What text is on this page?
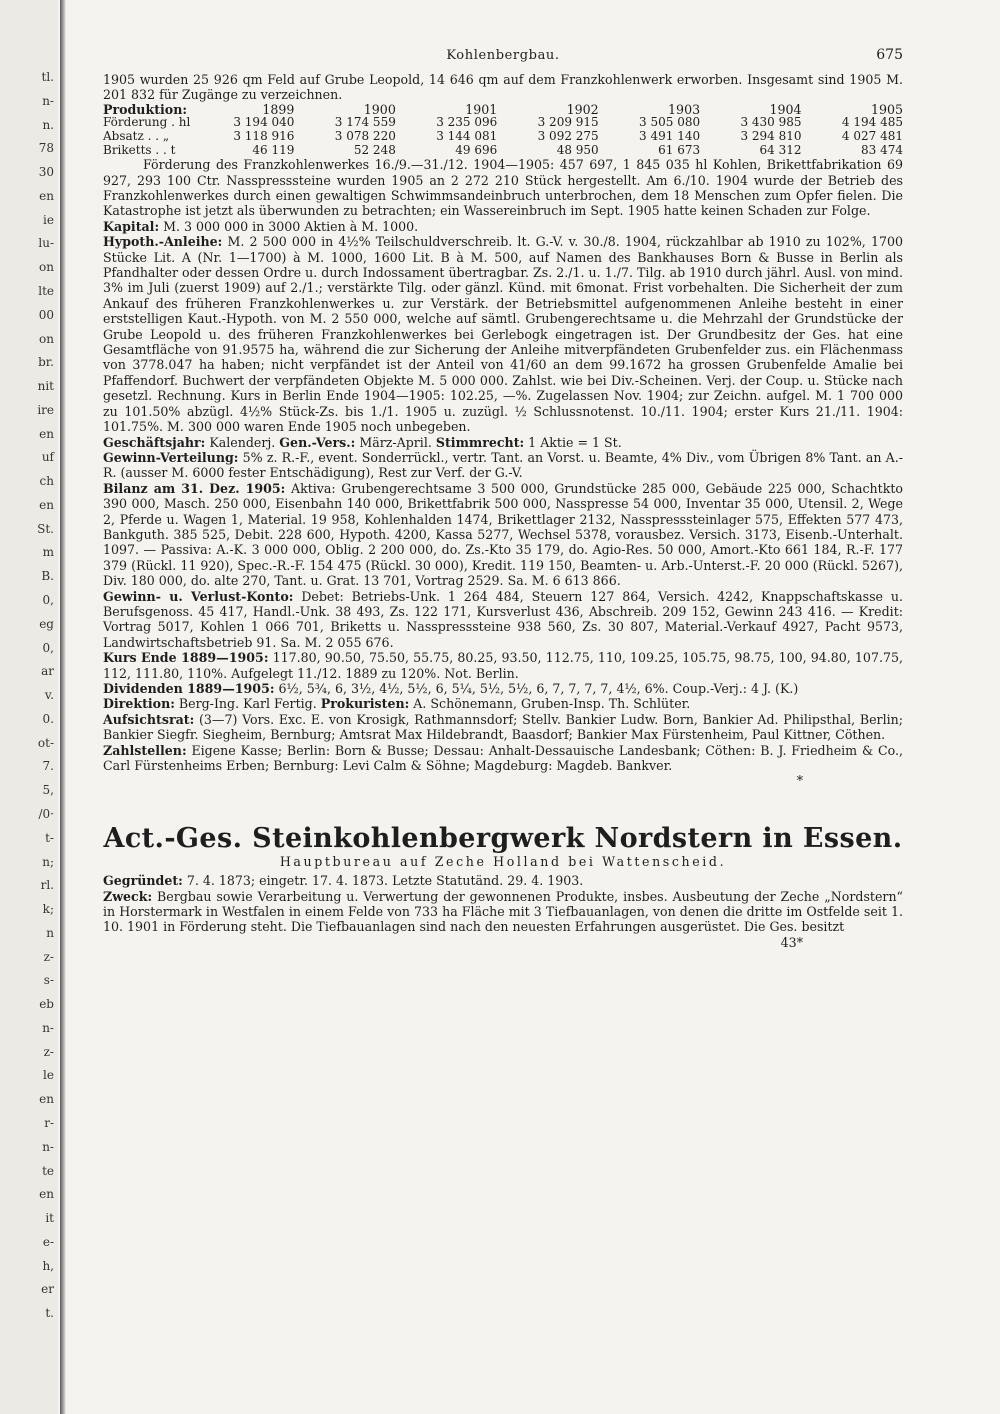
tl.
n-
n.
78
30
en
ie
lu-
on
lte
00
on
br.
nit
ire
en
uf
ch
en
St.
m
B.
0,
eg
0,
ar
v.
0.
ot-
7.
5,
/0·
t-
n;
rl.
k;
n
z-
s-
eb
n-
z-
le
en
r-
n-
te
en
it
e-
h,
er
t.
Kohlenbergbau.	675

1905 wurden 25 926 qm Feld auf Grube Leopold, 14 646 qm auf dem Franzkohlenwerk erworben. Insgesamt sind 1905 M. 201 832 für Zugänge zu verzeichnen.

Produktion:	1899	1900	1901	1902	1903	1904	1905
Förderung . hl	3 194 040	3 174 559	3 235 096	3 209 915	3 505 080	3 430 985	4 194 485
Absatz . . „	3 118 916	3 078 220	3 144 081	3 092 275	3 491 140	3 294 810	4 027 481
Briketts . . t	46 119	52 248	49 696	48 950	61 673	64 312	83 474

Förderung des Franzkohlenwerkes 16./9.—31./12. 1904—1905: 457 697, 1 845 035 hl Kohlen, Brikettfabrikation 69 927, 293 100 Ctr. Nasspresssteine wurden 1905 an 2 272 210 Stück hergestellt. Am 6./10. 1904 wurde der Betrieb des Franzkohlenwerkes durch einen gewaltigen Schwimmsandeinbruch unterbrochen, dem 18 Menschen zum Opfer fielen. Die Katastrophe ist jetzt als überwunden zu betrachten; ein Wassereinbruch im Sept. 1905 hatte keinen Schaden zur Folge.

Kapital: M. 3 000 000 in 3000 Aktien à M. 1000.

Hypoth.-Anleihe: M. 2 500 000 in 4½% Teilschuldverschreib. lt. G.-V. v. 30./8. 1904, rückzahlbar ab 1910 zu 102%, 1700 Stücke Lit. A (Nr. 1—1700) à M. 1000, 1600 Lit. B à M. 500, auf Namen des Bankhauses Born & Busse in Berlin als Pfandhalter oder dessen Ordre u. durch Indossament übertragbar. Zs. 2./1. u. 1./7. Tilg. ab 1910 durch jährl. Ausl. von mind. 3% im Juli (zuerst 1909) auf 2./1.; verstärkte Tilg. oder gänzl. Künd. mit 6monat. Frist vorbehalten. Die Sicherheit der zum Ankauf des früheren Franzkohlenwerkes u. zur Verstärk. der Betriebsmittel aufgenommenen Anleihe besteht in einer erststelligen Kaut.-Hypoth. von M. 2 550 000, welche auf sämtl. Grubengerechtsame u. die Mehrzahl der Grundstücke der Grube Leopold u. des früheren Franzkohlenwerkes bei Gerlebogk eingetragen ist. Der Grundbesitz der Ges. hat eine Gesamtfläche von 91.9575 ha, während die zur Sicherung der Anleihe mitverpfändeten Grubenfelder zus. ein Flächenmass von 3778.047 ha haben; nicht verpfändet ist der Anteil von 41/60 an dem 99.1672 ha grossen Grubenfelde Amalie bei Pfaffendorf. Buchwert der verpfändeten Objekte M. 5 000 000. Zahlst. wie bei Div.-Scheinen. Verj. der Coup. u. Stücke nach gesetzl. Rechnung. Kurs in Berlin Ende 1904—1905: 102.25, —%. Zugelassen Nov. 1904; zur Zeichn. aufgel. M. 1 700 000 zu 101.50% abzügl. 4½% Stück-Zs. bis 1./1. 1905 u. zuzügl. ½ Schlussnotenst. 10./11. 1904; erster Kurs 21./11. 1904: 101.75%. M. 300 000 waren Ende 1905 noch unbegeben.

Geschäftsjahr: Kalenderj. Gen.-Vers.: März-April. Stimmrecht: 1 Aktie = 1 St.

Gewinn-Verteilung: 5% z. R.-F., event. Sonderrückl., vertr. Tant. an Vorst. u. Beamte, 4% Div., vom Übrigen 8% Tant. an A.-R. (ausser M. 6000 fester Entschädigung), Rest zur Verf. der G.-V.

Bilanz am 31. Dez. 1905: Aktiva: Grubengerechtsame 3 500 000, Grundstücke 285 000, Gebäude 225 000, Schachtkto 390 000, Masch. 250 000, Eisenbahn 140 000, Brikettfabrik 500 000, Nasspresse 54 000, Inventar 35 000, Utensil. 2, Wege 2, Pferde u. Wagen 1, Material. 19 958, Kohlenhalden 1474, Brikettlager 2132, Nasspresssteinlager 575, Effekten 577 473, Bankguth. 385 525, Debit. 228 600, Hypoth. 4200, Kassa 5277, Wechsel 5378, vorausbez. Versich. 3173, Eisenb.-Unterhalt. 1097. — Passiva: A.-K. 3 000 000, Oblig. 2 200 000, do. Zs.-Kto 35 179, do. Agio-Res. 50 000, Amort.-Kto 661 184, R.-F. 177 379 (Rückl. 11 920), Spec.-R.-F. 154 475 (Rückl. 30 000), Kredit. 119 150, Beamten- u. Arb.-Unterst.-F. 20 000 (Rückl. 5267), Div. 180 000, do. alte 270, Tant. u. Grat. 13 701, Vortrag 2529. Sa. M. 6 613 866.

Gewinn- u. Verlust-Konto: Debet: Betriebs-Unk. 1 264 484, Steuern 127 864, Versich. 4242, Knappschaftskasse u. Berufsgenoss. 45 417, Handl.-Unk. 38 493, Zs. 122 171, Kursverlust 436, Abschreib. 209 152, Gewinn 243 416. — Kredit: Vortrag 5017, Kohlen 1 066 701, Briketts u. Nasspresssteine 938 560, Zs. 30 807, Material.-Verkauf 4927, Pacht 9573, Landwirtschaftsbetrieb 91. Sa. M. 2 055 676.

Kurs Ende 1889—1905: 117.80, 90.50, 75.50, 55.75, 80.25, 93.50, 112.75, 110, 109.25, 105.75, 98.75, 100, 94.80, 107.75, 112, 111.80, 110%. Aufgelegt 11./12. 1889 zu 120%. Not. Berlin.

Dividenden 1889—1905: 6½, 5¾, 6, 3½, 4½, 5½, 6, 5¼, 5½, 5½, 6, 7, 7, 7, 7, 4½, 6%. Coup.-Verj.: 4 J. (K.)

Direktion: Berg-Ing. Karl Fertig. Prokuristen: A. Schönemann, Gruben-Insp. Th. Schlüter.

Aufsichtsrat: (3—7) Vors. Exc. E. von Krosigk, Rathmannsdorf; Stellv. Bankier Ludw. Born, Bankier Ad. Philipsthal, Berlin; Bankier Siegfr. Siegheim, Bernburg; Amtsrat Max Hildebrandt, Baasdorf; Bankier Max Fürstenheim, Paul Kittner, Cöthen.

Zahlstellen: Eigene Kasse; Berlin: Born & Busse; Dessau: Anhalt-Dessauische Landesbank; Cöthen: B. J. Friedheim & Co., Carl Fürstenheims Erben; Bernburg: Levi Calm & Söhne; Magdeburg: Magdeb. Bankver.

*
Act.-Ges. Steinkohlenbergwerk Nordstern in Essen.
Hauptbureau auf Zeche Holland bei Wattenscheid.

Gegründet: 7. 4. 1873; eingetr. 17. 4. 1873. Letzte Statutänd. 29. 4. 1903.

Zweck: Bergbau sowie Verarbeitung u. Verwertung der gewonnenen Produkte, insbes. Ausbeutung der Zeche „Nordstern“ in Horstermark in Westfalen in einem Felde von 733 ha Fläche mit 3 Tiefbauanlagen, von denen die dritte im Ostfelde seit 1. 10. 1901 in Förderung steht. Die Tiefbauanlagen sind nach den neuesten Erfahrungen ausgerüstet. Die Ges. besitzt

43*
